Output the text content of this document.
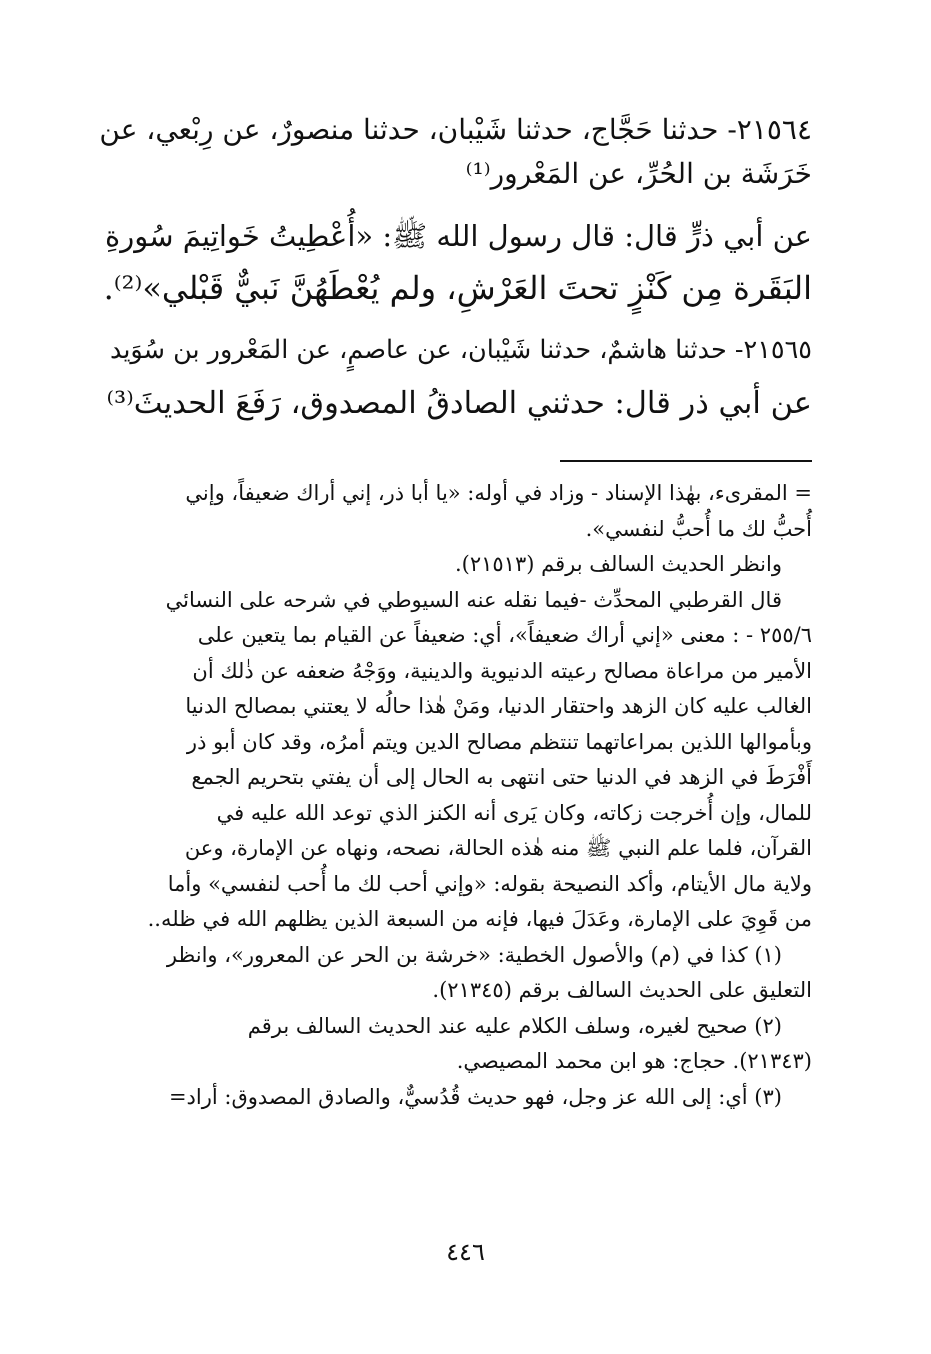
٢١٥٦٤- حدثنا حَجَّاج، حدثنا شَيْبان، حدثنا منصورٌ، عن رِبْعي، عن
خَرَشَة بن الحُرِّ، عن المَعْرور⁽¹⁾
عن أبي ذرٍّ قال: قال رسول الله ﷺ: «أُعْطِيتُ خَواتِيمَ سُورةِ
البَقَرة مِن كَنْزٍ تحتَ العَرْشِ، ولم يُعْطَهُنَّ نَبيٌّ قَبْلي»⁽²⁾.
٢١٥٦٥- حدثنا هاشمٌ، حدثنا شَيْبان، عن عاصمٍ، عن المَعْرور بن سُوَيد
عن أبي ذر قال: حدثني الصادقُ المصدوق، رَفَعَ الحديثَ⁽³⁾
= المقرىء، بهٰذا الإسناد - وزاد في أوله: «يا أبا ذر، إني أراك ضعيفاً، وإني
أُحبُّ لك ما أُحبُّ لنفسي».
وانظر الحديث السالف برقم (٢١٥١٣).
قال القرطبي المحدِّث -فيما نقله عنه السيوطي في شرحه على النسائي
٢٥٥/٦ - : معنى «إني أراك ضعيفاً»، أي: ضعيفاً عن القيام بما يتعين على
الأمير من مراعاة مصالح رعيته الدنيوية والدينية، ووَجْهُ ضعفه عن ذٰلك أن
الغالب عليه كان الزهد واحتقار الدنيا، ومَنْ هٰذا حالُه لا يعتني بمصالح الدنيا
وبأموالها اللذين بمراعاتهما تنتظم مصالح الدين ويتم أمرُه، وقد كان أبو ذر
أَفْرَطَ في الزهد في الدنيا حتى انتهى به الحال إلى أن يفتي بتحريم الجمع
للمال، وإن أُخرجت زكاته، وكان يَرى أنه الكنز الذي توعد الله عليه في
القرآن، فلما علم النبي ﷺ منه هٰذه الحالة، نصحه، ونهاه عن الإمارة، وعن
ولاية مال الأيتام، وأكد النصيحة بقوله: «وإني أحب لك ما أُحب لنفسي» وأما
من قَوِيَ على الإمارة، وعَدَلَ فيها، فإنه من السبعة الذين يظلهم الله في ظله..
(١) كذا في (م) والأصول الخطية: «خرشة بن الحر عن المعرور»، وانظر
التعليق على الحديث السالف برقم (٢١٣٤٥).
(٢) صحيح لغيره، وسلف الكلام عليه عند الحديث السالف برقم
(٢١٣٤٣). حجاج: هو ابن محمد المصيصي.
(٣) أي: إلى الله عز وجل، فهو حديث قُدُسيٌّ، والصادق المصدوق: أراد=
٤٤٦
